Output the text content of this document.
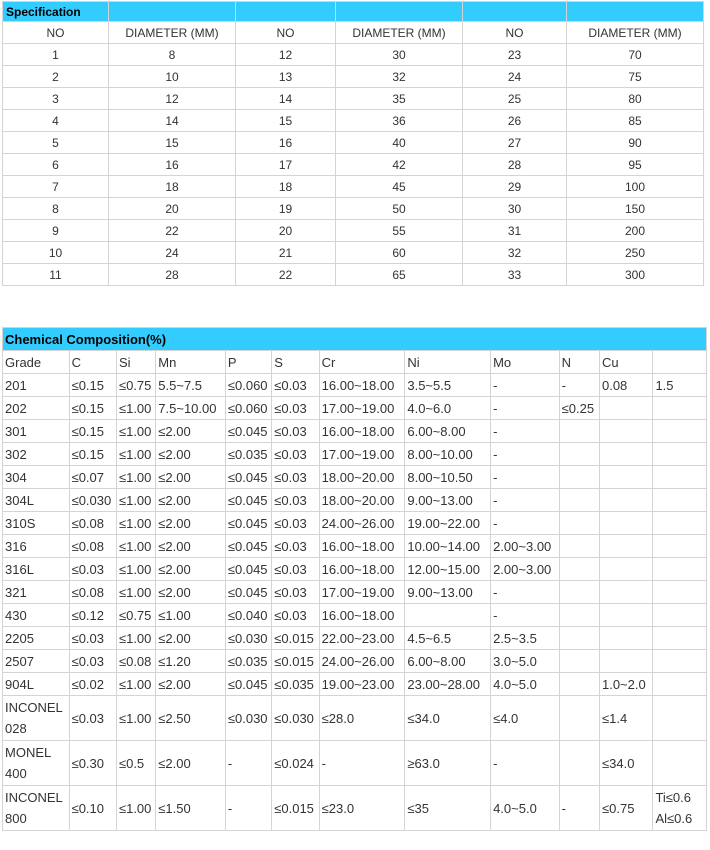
Specification					
NO	DIAMETER (MM)	NO	DIAMETER (MM)	NO	DIAMETER (MM)
1	8	12	30	23	70
2	10	13	32	24	75
3	12	14	35	25	80
4	14	15	36	26	85
5	15	16	40	27	90
6	16	17	42	28	95
7	18	18	45	29	100
8	20	19	50	30	150
9	22	20	55	31	200
10	24	21	60	32	250
11	28	22	65	33	300
Chemical Composition(%)											
Grade	C	Si	Mn	P	S	Cr	Ni	Mo	N	Cu	
201	≤0.15	≤0.75	5.5~7.5	≤0.060	≤0.03	16.00~18.00	3.5~5.5	-	-	0.08	1.5
202	≤0.15	≤1.00	7.5~10.00	≤0.060	≤0.03	17.00~19.00	4.0~6.0	-	≤0.25		
301	≤0.15	≤1.00	≤2.00	≤0.045	≤0.03	16.00~18.00	6.00~8.00	-			
302	≤0.15	≤1.00	≤2.00	≤0.035	≤0.03	17.00~19.00	8.00~10.00	-			
304	≤0.07	≤1.00	≤2.00	≤0.045	≤0.03	18.00~20.00	8.00~10.50	-			
304L	≤0.030	≤1.00	≤2.00	≤0.045	≤0.03	18.00~20.00	9.00~13.00	-			
310S	≤0.08	≤1.00	≤2.00	≤0.045	≤0.03	24.00~26.00	19.00~22.00	-			
316	≤0.08	≤1.00	≤2.00	≤0.045	≤0.03	16.00~18.00	10.00~14.00	2.00~3.00			
316L	≤0.03	≤1.00	≤2.00	≤0.045	≤0.03	16.00~18.00	12.00~15.00	2.00~3.00			
321	≤0.08	≤1.00	≤2.00	≤0.045	≤0.03	17.00~19.00	9.00~13.00	-			
430	≤0.12	≤0.75	≤1.00	≤0.040	≤0.03	16.00~18.00		-			
2205	≤0.03	≤1.00	≤2.00	≤0.030	≤0.015	22.00~23.00	4.5~6.5	2.5~3.5			
2507	≤0.03	≤0.08	≤1.20	≤0.035	≤0.015	24.00~26.00	6.00~8.00	3.0~5.0			
904L	≤0.02	≤1.00	≤2.00	≤0.045	≤0.035	19.00~23.00	23.00~28.00	4.0~5.0		1.0~2.0	
INCONEL 028	≤0.03	≤1.00	≤2.50	≤0.030	≤0.030	≤28.0	≤34.0	≤4.0		≤1.4	
MONEL 400	≤0.30	≤0.5	≤2.00	-	≤0.024	-	≥63.0	-		≤34.0	
INCONEL 800	≤0.10	≤1.00	≤1.50	-	≤0.015	≤23.0	≤35	4.0~5.0	-	≤0.75	Ti≤0.6 Al≤0.6
